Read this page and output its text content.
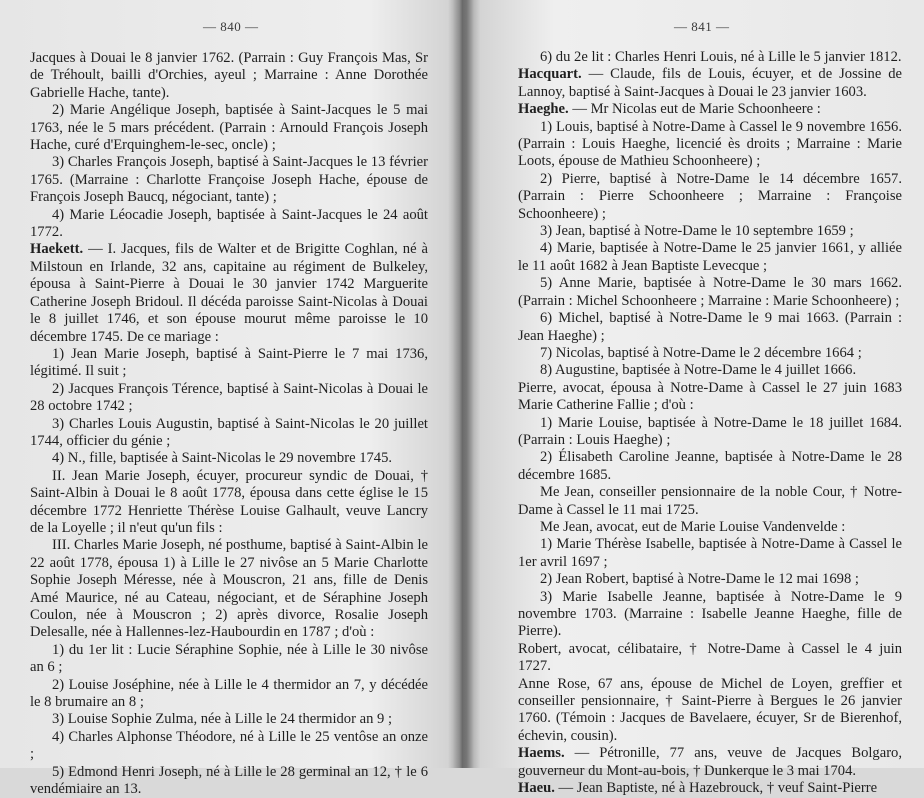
— 840 —

Jacques à Douai le 8 janvier 1762. (Parrain : Guy François Mas, Sr de Tréhoult, bailli d'Orchies, ayeul ; Marraine : Anne Dorothée Gabrielle Hache, tante).

2) Marie Angélique Joseph, baptisée à Saint-Jacques le 5 mai 1763, née le 5 mars précédent. (Parrain : Arnould François Joseph Hache, curé d'Erquinghem-le-sec, oncle) ;

3) Charles François Joseph, baptisé à Saint-Jacques le 13 février 1765. (Marraine : Charlotte Françoise Joseph Hache, épouse de François Joseph Baucq, négociant, tante) ;

4) Marie Léocadie Joseph, baptisée à Saint-Jacques le 24 août 1772.

Haekett. — I. Jacques, fils de Walter et de Brigitte Coghlan, né à Milstoun en Irlande, 32 ans, capitaine au régiment de Bulkeley, épousa à Saint-Pierre à Douai le 30 janvier 1742 Marguerite Catherine Joseph Bridoul. Il décéda paroisse Saint-Nicolas à Douai le 8 juillet 1746, et son épouse mourut même paroisse le 10 décembre 1745. De ce mariage :

1) Jean Marie Joseph, baptisé à Saint-Pierre le 7 mai 1736, légitimé. Il suit ;

2) Jacques François Térence, baptisé à Saint-Nicolas à Douai le 28 octobre 1742 ;

3) Charles Louis Augustin, baptisé à Saint-Nicolas le 20 juillet 1744, officier du génie ;

4) N., fille, baptisée à Saint-Nicolas le 29 novembre 1745.

II. Jean Marie Joseph, écuyer, procureur syndic de Douai, † Saint-Albin à Douai le 8 août 1778, épousa dans cette église le 15 décembre 1772 Henriette Thérèse Louise Galhault, veuve Lancry de la Loyelle ; il n'eut qu'un fils :

III. Charles Marie Joseph, né posthume, baptisé à Saint-Albin le 22 août 1778, épousa 1) à Lille le 27 nivôse an 5 Marie Charlotte Sophie Joseph Méresse, née à Mouscron, 21 ans, fille de Denis Amé Maurice, né au Cateau, négociant, et de Séraphine Joseph Coulon, née à Mouscron ; 2) après divorce, Rosalie Joseph Delesalle, née à Hallennes-lez-Haubourdin en 1787 ; d'où :

1) du 1er lit : Lucie Séraphine Sophie, née à Lille le 30 nivôse an 6 ;

2) Louise Joséphine, née à Lille le 4 thermidor an 7, y décédée le 8 brumaire an 8 ;

3) Louise Sophie Zulma, née à Lille le 24 thermidor an 9 ;

4) Charles Alphonse Théodore, né à Lille le 25 ventôse an onze ;

5) Edmond Henri Joseph, né à Lille le 28 germinal an 12, † le 6 vendémiaire an 13.

— 841 —

6) du 2e lit : Charles Henri Louis, né à Lille le 5 janvier 1812.

Hacquart. — Claude, fils de Louis, écuyer, et de Jossine de Lannoy, baptisé à Saint-Jacques à Douai le 23 janvier 1603.

Haeghe. — Mr Nicolas eut de Marie Schoonheere :

1) Louis, baptisé à Notre-Dame à Cassel le 9 novembre 1656. (Parrain : Louis Haeghe, licencié ès droits ; Marraine : Marie Loots, épouse de Mathieu Schoonheere) ;

2) Pierre, baptisé à Notre-Dame le 14 décembre 1657. (Parrain : Pierre Schoonheere ; Marraine : Françoise Schoonheere) ;

3) Jean, baptisé à Notre-Dame le 10 septembre 1659 ;

4) Marie, baptisée à Notre-Dame le 25 janvier 1661, y alliée le 11 août 1682 à Jean Baptiste Levecque ;

5) Anne Marie, baptisée à Notre-Dame le 30 mars 1662. (Parrain : Michel Schoonheere ; Marraine : Marie Schoonheere) ;

6) Michel, baptisé à Notre-Dame le 9 mai 1663. (Parrain : Jean Haeghe) ;

7) Nicolas, baptisé à Notre-Dame le 2 décembre 1664 ;

8) Augustine, baptisée à Notre-Dame le 4 juillet 1666.

Pierre, avocat, épousa à Notre-Dame à Cassel le 27 juin 1683 Marie Catherine Fallie ; d'où :

1) Marie Louise, baptisée à Notre-Dame le 18 juillet 1684. (Parrain : Louis Haeghe) ;

2) Élisabeth Caroline Jeanne, baptisée à Notre-Dame le 28 décembre 1685.

Me Jean, conseiller pensionnaire de la noble Cour, † Notre-Dame à Cassel le 11 mai 1725.

Me Jean, avocat, eut de Marie Louise Vandenvelde :

1) Marie Thérèse Isabelle, baptisée à Notre-Dame à Cassel le 1er avril 1697 ;

2) Jean Robert, baptisé à Notre-Dame le 12 mai 1698 ;

3) Marie Isabelle Jeanne, baptisée à Notre-Dame le 9 novembre 1703. (Marraine : Isabelle Jeanne Haeghe, fille de Pierre).

Robert, avocat, célibataire, † Notre-Dame à Cassel le 4 juin 1727.

Anne Rose, 67 ans, épouse de Michel de Loyen, greffier et conseiller pensionnaire, † Saint-Pierre à Bergues le 26 janvier 1760. (Témoin : Jacques de Bavelaere, écuyer, Sr de Bierenhof, échevin, cousin).

Haems. — Pétronille, 77 ans, veuve de Jacques Bolgaro, gouverneur du Mont-au-bois, † Dunkerque le 3 mai 1704.

Haeu. — Jean Baptiste, né à Hazebrouck, † veuf Saint-Pierre
